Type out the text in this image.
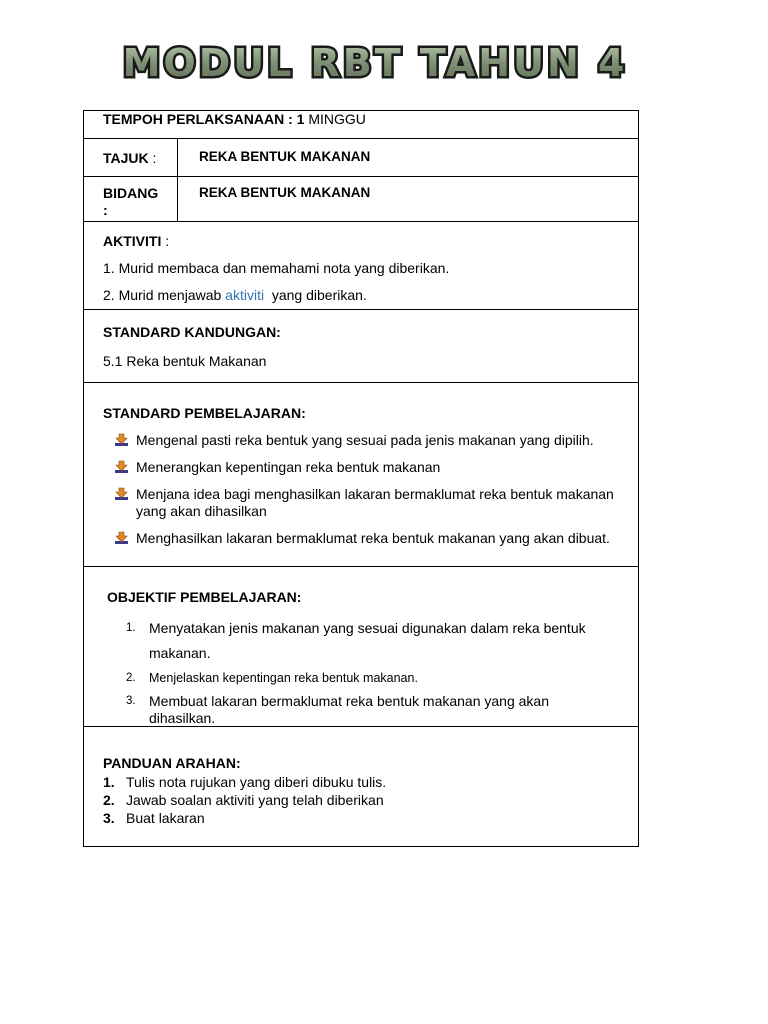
MODUL RBT TAHUN 4
TEMPOH PERLAKSANAAN : 1 MINGGU
TAJUK :	REKA BENTUK MAKANAN
BIDANG
:
REKA BENTUK MAKANAN
AKTIVITI :
1. Murid membaca dan memahami nota yang diberikan.
2. Murid menjawab aktiviti  yang diberikan.
STANDARD KANDUNGAN:
5.1 Reka bentuk Makanan
STANDARD PEMBELAJARAN:
Mengenal pasti reka bentuk yang sesuai pada jenis makanan yang dipilih.
Menerangkan kepentingan reka bentuk makanan
Menjana idea bagi menghasilkan lakaran bermaklumat reka bentuk makanan yang akan dihasilkan
Menghasilkan lakaran bermaklumat reka bentuk makanan yang akan dibuat.
OBJEKTIF PEMBELAJARAN:
1. Menyatakan jenis makanan yang sesuai digunakan dalam reka bentuk makanan.
2. Menjelaskan kepentingan reka bentuk makanan.
3. Membuat lakaran bermaklumat reka bentuk makanan yang akan dihasilkan.
PANDUAN ARAHAN:
1. Tulis nota rujukan yang diberi dibuku tulis.
2. Jawab soalan aktiviti yang telah diberikan
3. Buat lakaran
